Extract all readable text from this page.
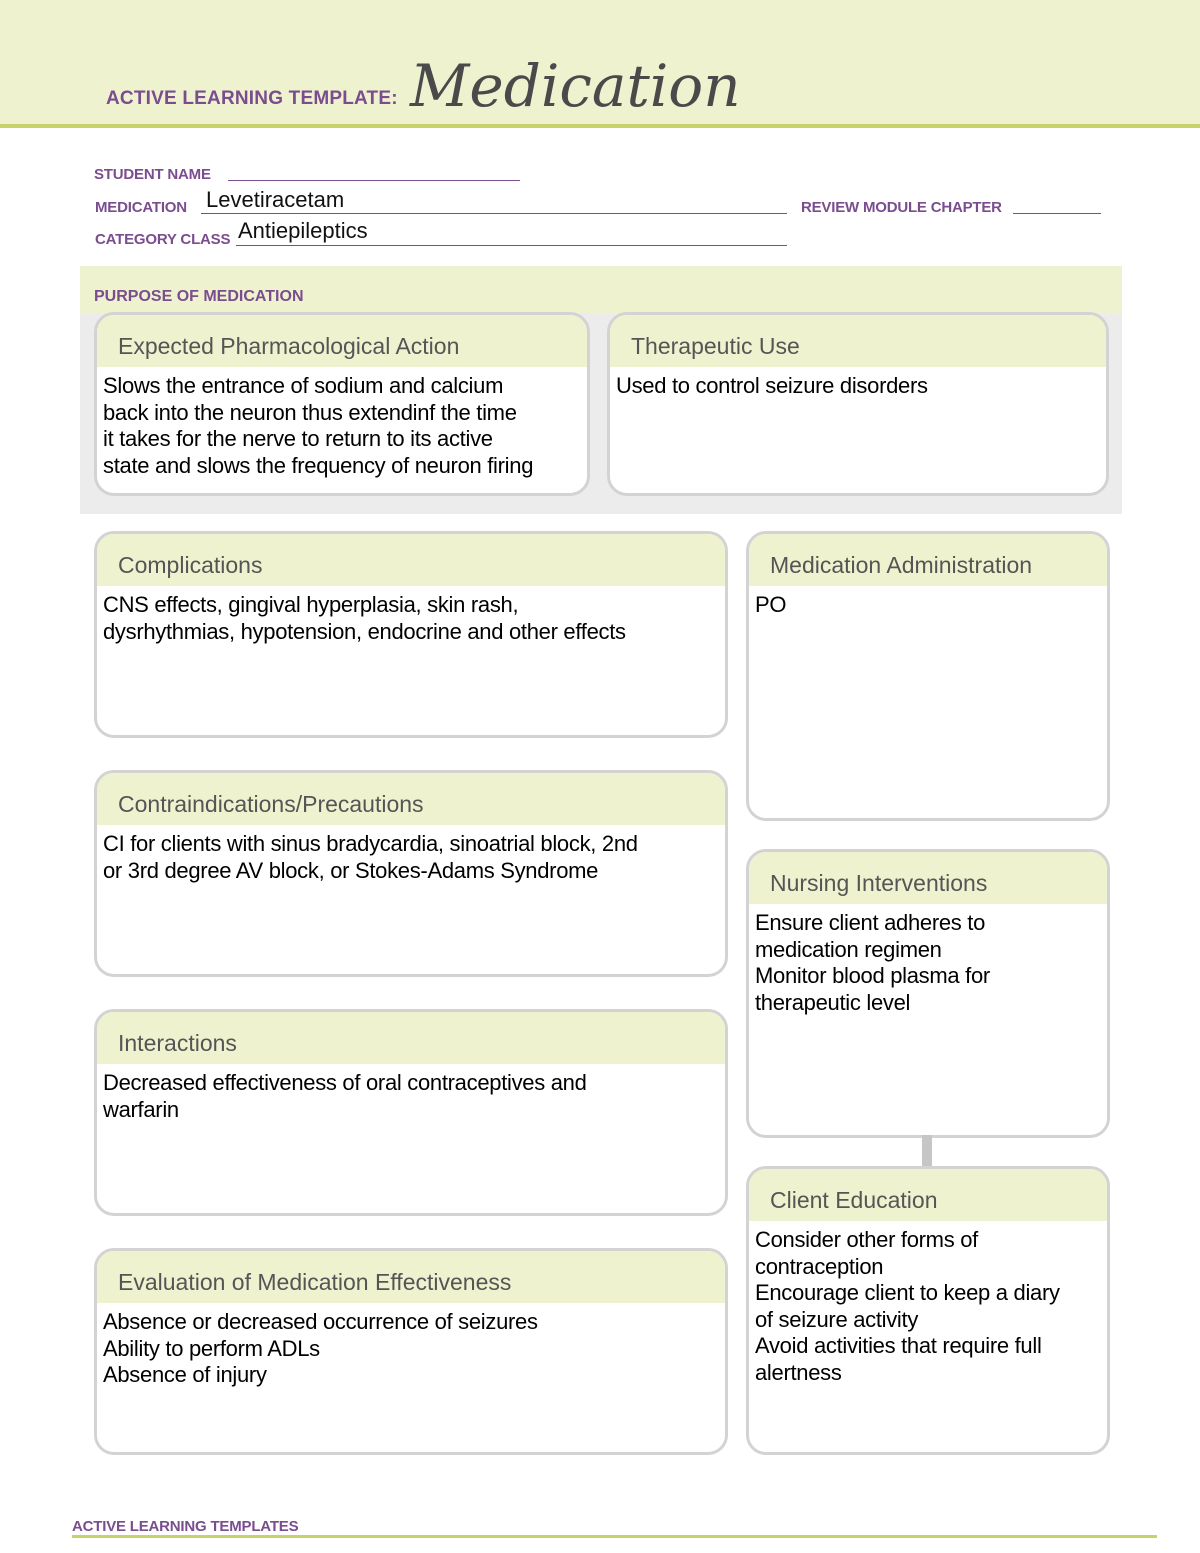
ACTIVE LEARNING TEMPLATE: Medication
STUDENT NAME
MEDICATION Levetiracetam	REVIEW MODULE CHAPTER
CATEGORY CLASS Antiepileptics
PURPOSE OF MEDICATION
Expected Pharmacological Action
Slows the entrance of sodium and calcium
back into the neuron thus extendinf the time
it takes for the nerve to return to its active
state and slows the frequency of neuron firing
Therapeutic Use
Used to control seizure disorders
Complications
CNS effects, gingival hyperplasia, skin rash,
dysrhythmias, hypotension, endocrine and other effects
Medication Administration
PO
Contraindications/Precautions
CI for clients with sinus bradycardia, sinoatrial block, 2nd
or 3rd degree AV block, or Stokes-Adams Syndrome	Nursing Interventions
Ensure client adheres to
medication regimen
Monitor blood plasma for
therapeutic level
Interactions
Decreased effectiveness of oral contraceptives and
warfarin
Client Education
Consider other forms of
contraception
Encourage client to keep a diary
of seizure activity
Avoid activities that require full
alertness
Evaluation of Medication Effectiveness
Absence or decreased occurrence of seizures
Ability to perform ADLs
Absence of injury
ACTIVE LEARNING TEMPLATES
